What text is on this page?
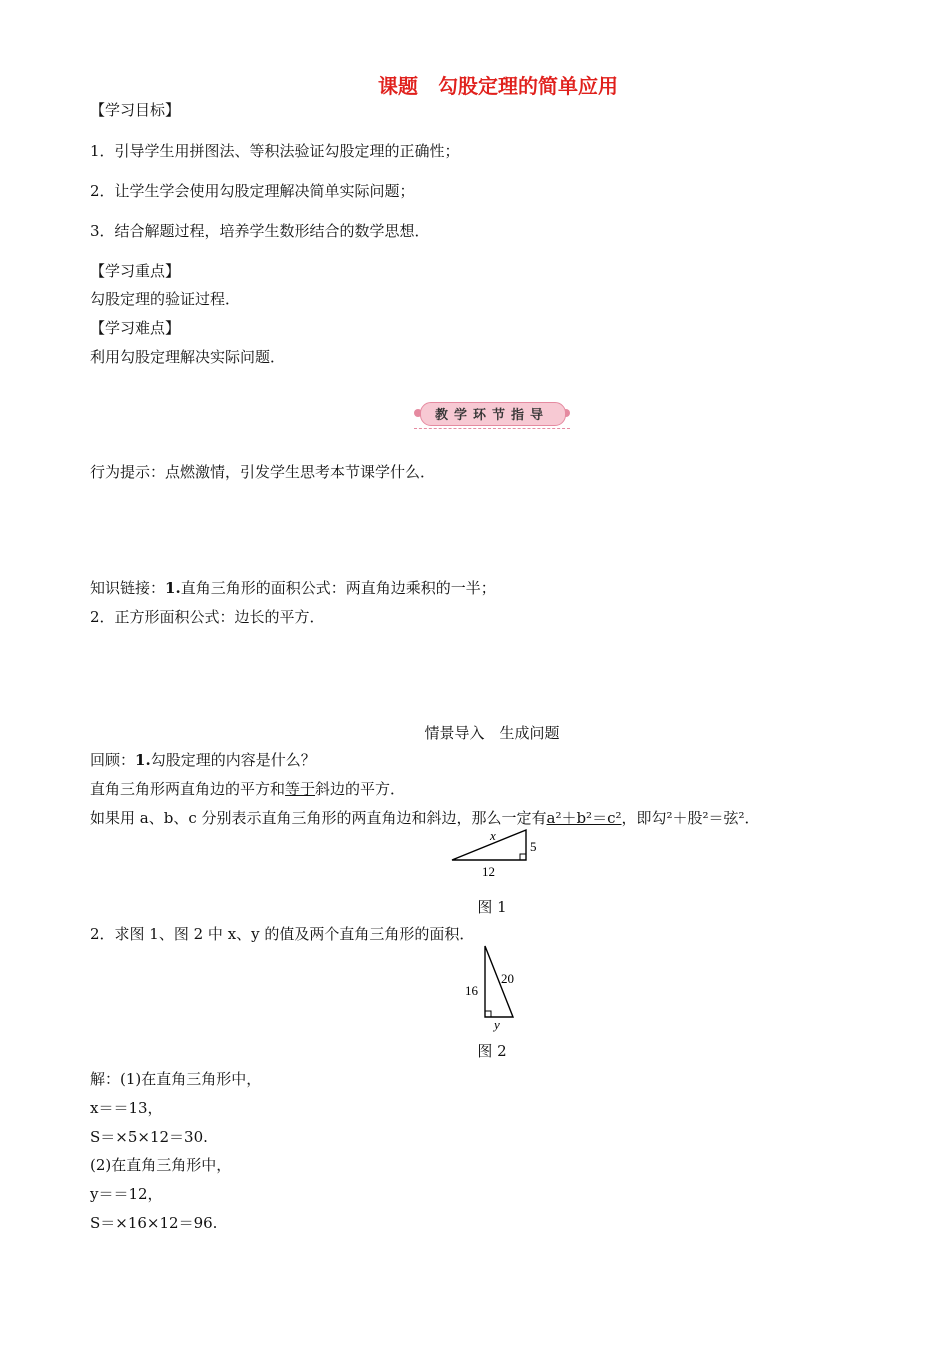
课题 勾股定理的简单应用
【学习目标】
1．引导学生用拼图法、等积法验证勾股定理的正确性；
2．让学生学会使用勾股定理解决简单实际问题；
3．结合解题过程，培养学生数形结合的数学思想．
【学习重点】
勾股定理的验证过程．
【学习难点】
利用勾股定理解决实际问题．
教学环节指导
行为提示：点燃激情，引发学生思考本节课学什么．
知识链接：1.直角三角形的面积公式：两直角边乘积的一半；
2．正方形面积公式：边长的平方．
情景导入　生成问题
回顾：1.勾股定理的内容是什么？
直角三角形两直角边的平方和等于斜边的平方．
如果用 a、b、c 分别表示直角三角形的两直角边和斜边，那么一定有a²＋b²＝c²，即勾²＋股²＝弦²．
x
5
12
图 1
2．求图 1、图 2 中 x、y 的值及两个直角三角形的面积．
20
16
y
图 2
解：(1)在直角三角形中，
x＝＝13，
S＝×5×12＝30.
(2)在直角三角形中，
y＝＝12，
S＝×16×12＝96.
